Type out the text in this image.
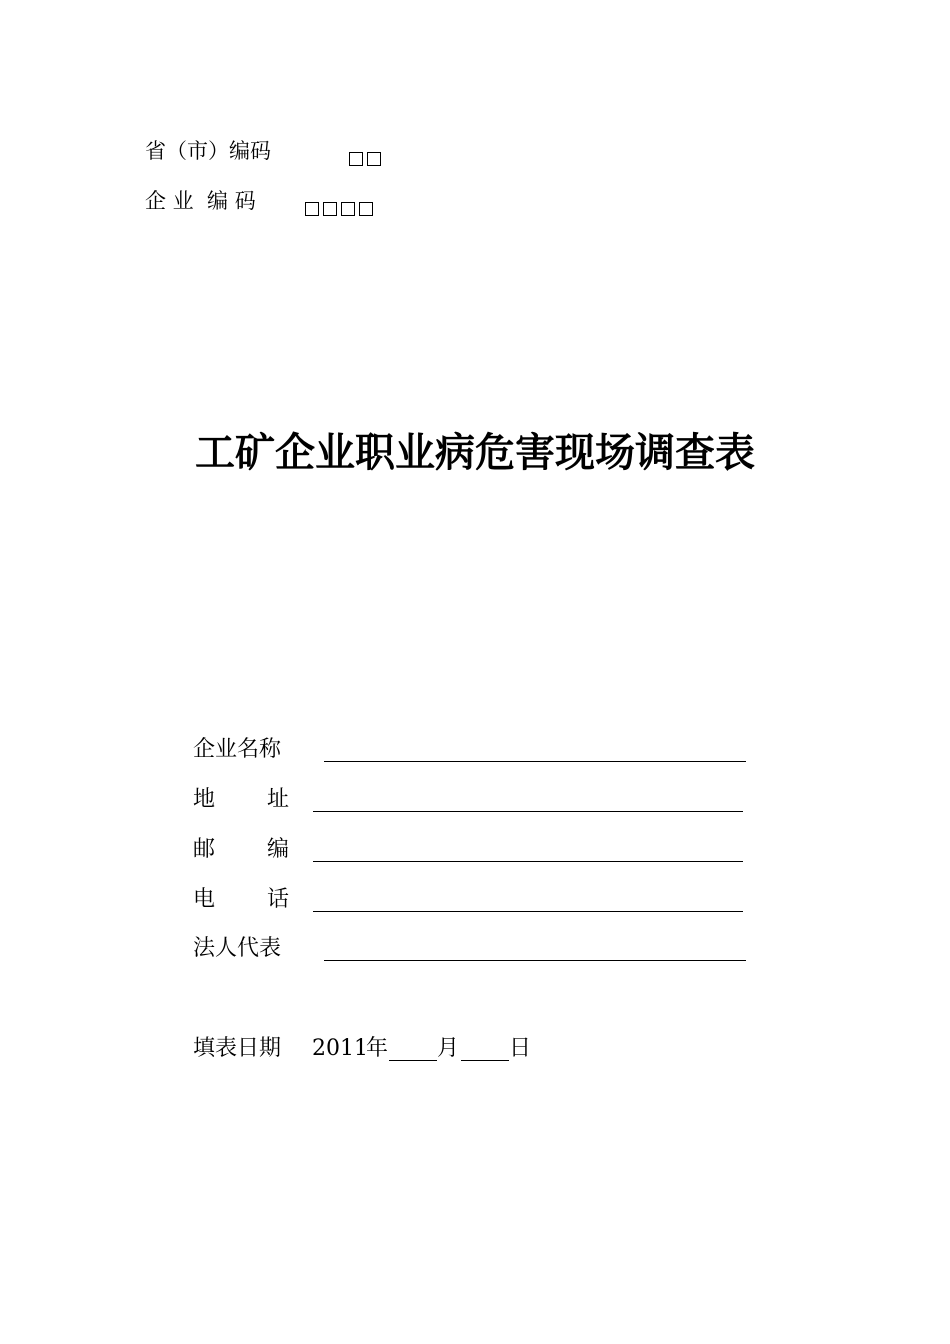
省（市）编码
企 业  编 码
工矿企业职业病危害现场调查表
企业名称
地 址
邮 编
电 话
法人代表
填表日期 2011
年 月 日
